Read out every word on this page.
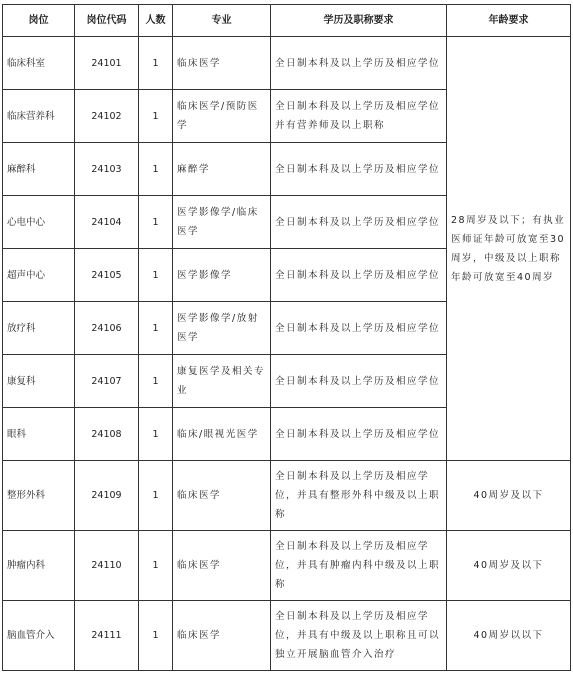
岗位	岗位代码	人数	专业	学历及职称要求	年龄要求
临床科室	24101	1	临床医学	全日制本科及以上学历及相应学位	28周岁及以下；有执业医师证年龄可放宽至30周岁，中级及以上职称年龄可放宽至40周岁
临床营养科	24102	1	临床医学/预防医学	全日制本科及以上学历及相应学位并有营养师及以上职称	
麻醉科	24103	1	麻醉学	全日制本科及以上学历及相应学位	
心电中心	24104	1	医学影像学/临床医学	全日制本科及以上学历及相应学位	
超声中心	24105	1	医学影像学	全日制本科及以上学历及相应学位	
放疗科	24106	1	医学影像学/放射医学	全日制本科及以上学历及相应学位	
康复科	24107	1	康复医学及相关专业	全日制本科及以上学历及相应学位	
眼科	24108	1	临床/眼视光医学	全日制本科及以上学历及相应学位	
整形外科	24109	1	临床医学	全日制本科及以上学历及相应学位，并具有整形外科中级及以上职称	40周岁及以下
肿瘤内科	24110	1	临床医学	全日制本科及以上学历及相应学位，并具有肿瘤内科中级及以上职称	40周岁及以下
脑血管介入	24111	1	临床医学	全日制本科及以上学历及相应学位，并具有中级及以上职称且可以独立开展脑血管介入治疗	40周岁以以下
